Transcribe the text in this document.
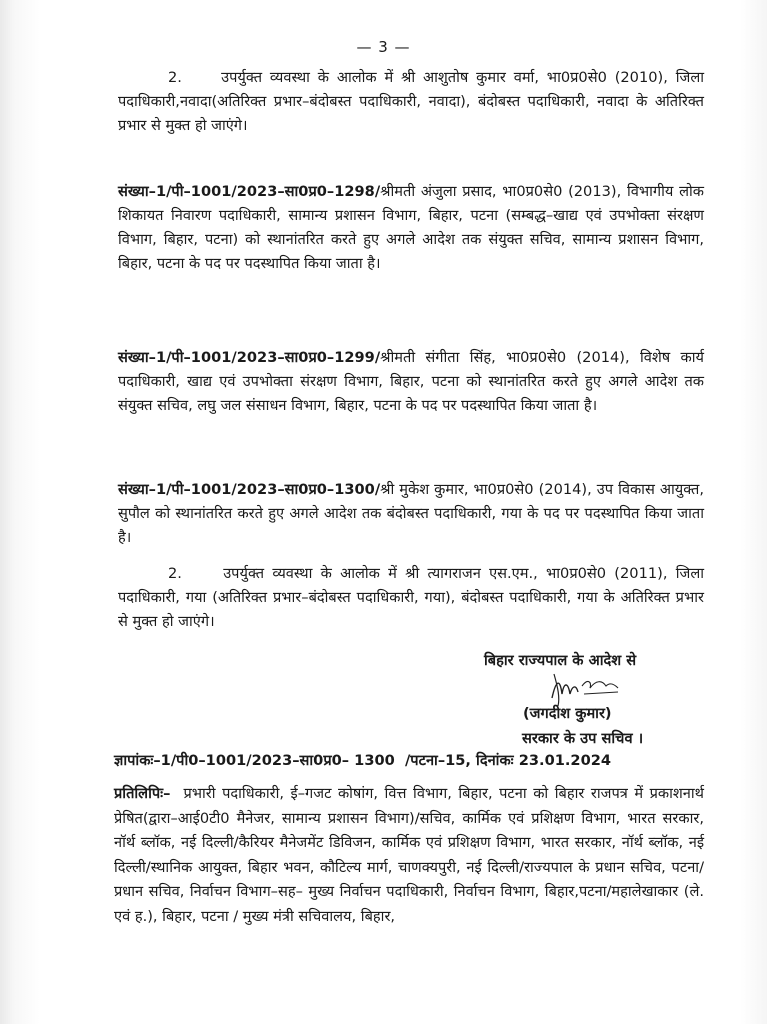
— 3 —
2.	उपर्युक्त व्यवस्था के आलोक में श्री आशुतोष कुमार वर्मा, भा0प्र0से0 (2010), जिला पदाधिकारी,नवादा(अतिरिक्त प्रभार–बंदोबस्त पदाधिकारी, नवादा), बंदोबस्त पदाधिकारी, नवादा के अतिरिक्त प्रभार से मुक्त हो जाएंगे।
संख्या–1/पी–1001/2023–सा0प्र0–1298/श्रीमती अंजुला प्रसाद, भा0प्र0से0 (2013), विभागीय लोक शिकायत निवारण पदाधिकारी, सामान्य प्रशासन विभाग, बिहार, पटना (सम्बद्ध–खाद्य एवं उपभोक्ता संरक्षण विभाग, बिहार, पटना) को स्थानांतरित करते हुए अगले आदेश तक संयुक्त सचिव, सामान्य प्रशासन विभाग, बिहार, पटना के पद पर पदस्थापित किया जाता है।
संख्या–1/पी–1001/2023–सा0प्र0–1299/श्रीमती संगीता सिंह, भा0प्र0से0 (2014), विशेष कार्य पदाधिकारी, खाद्य एवं उपभोक्ता संरक्षण विभाग, बिहार, पटना को स्थानांतरित करते हुए अगले आदेश तक संयुक्त सचिव, लघु जल संसाधन विभाग, बिहार, पटना के पद पर पदस्थापित किया जाता है।
संख्या–1/पी–1001/2023–सा0प्र0–1300/श्री मुकेश कुमार, भा0प्र0से0 (2014), उप विकास आयुक्त, सुपौल को स्थानांतरित करते हुए अगले आदेश तक बंदोबस्त पदाधिकारी, गया के पद पर पदस्थापित किया जाता है।
2.	उपर्युक्त व्यवस्था के आलोक में श्री त्यागराजन एस.एम., भा0प्र0से0 (2011), जिला पदाधिकारी, गया (अतिरिक्त प्रभार–बंदोबस्त पदाधिकारी, गया), बंदोबस्त पदाधिकारी, गया के अतिरिक्त प्रभार से मुक्त हो जाएंगे।
बिहार राज्यपाल के आदेश से
(जगदीश कुमार)
सरकार के उप सचिव ।
ज्ञापांकः–1/पी0–1001/2023–सा0प्र0– 1300 /पटना–15, दिनांकः 23.01.2024
प्रतिलिपिः– प्रभारी पदाधिकारी, ई–गजट कोषांग, वित्त विभाग, बिहार, पटना को बिहार राजपत्र में प्रकाशनार्थ प्रेषित(द्वारा–आई0टी0 मैनेजर, सामान्य प्रशासन विभाग)/सचिव, कार्मिक एवं प्रशिक्षण विभाग, भारत सरकार, नॉर्थ ब्लॉक, नई दिल्ली/कैरियर मैनेजमेंट डिविजन, कार्मिक एवं प्रशिक्षण विभाग, भारत सरकार, नॉर्थ ब्लॉक, नई दिल्ली/स्थानिक आयुक्त, बिहार भवन, कौटिल्य मार्ग, चाणक्यपुरी, नई दिल्ली/राज्यपाल के प्रधान सचिव, पटना/प्रधान सचिव, निर्वाचन विभाग–सह– मुख्य निर्वाचन पदाधिकारी, निर्वाचन विभाग, बिहार,पटना/महालेखाकार (ले. एवं ह.), बिहार, पटना / मुख्य मंत्री सचिवालय, बिहार,
